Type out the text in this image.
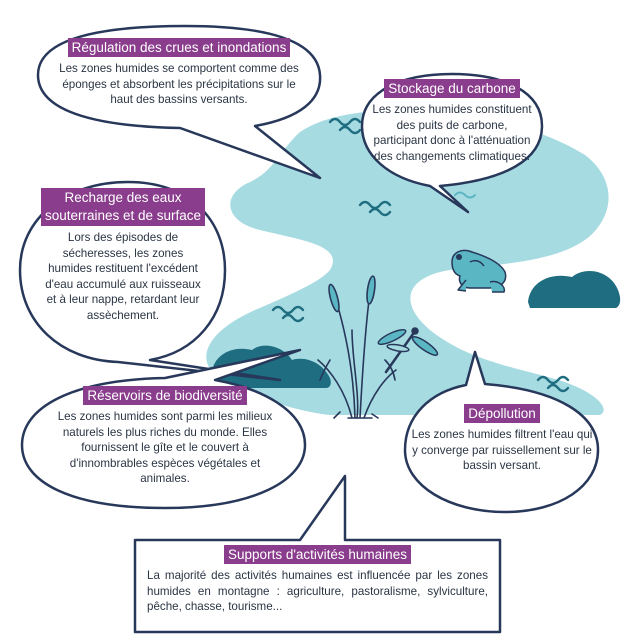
Régulation des crues et inondations

Les zones humides se comportent comme des éponges et absorbent les précipitations sur le haut des bassins versants.

Stockage du carbone

Les zones humides constituent des puits de carbone, participant donc à l'atténuation des changements climatiques.

Recharge des eaux
souterraines et de surface

Lors des épisodes de sécheresses, les zones humides restituent l'excédent d'eau accumulé aux ruisseaux et à leur nappe, retardant leur assèchement.

Réservoirs de biodiversité

Les zones humides sont parmi les milieux naturels les plus riches du monde. Elles fournissent le gîte et le couvert à d'innombrables espèces végétales et animales.

Dépollution

Les zones humides filtrent l'eau qui y converge par ruissellement sur le bassin versant.

Supports d'activités humaines

La majorité des activités humaines est influencée par les zones humides en montagne : agriculture, pastoralisme, sylviculture, pêche, chasse, tourisme...
